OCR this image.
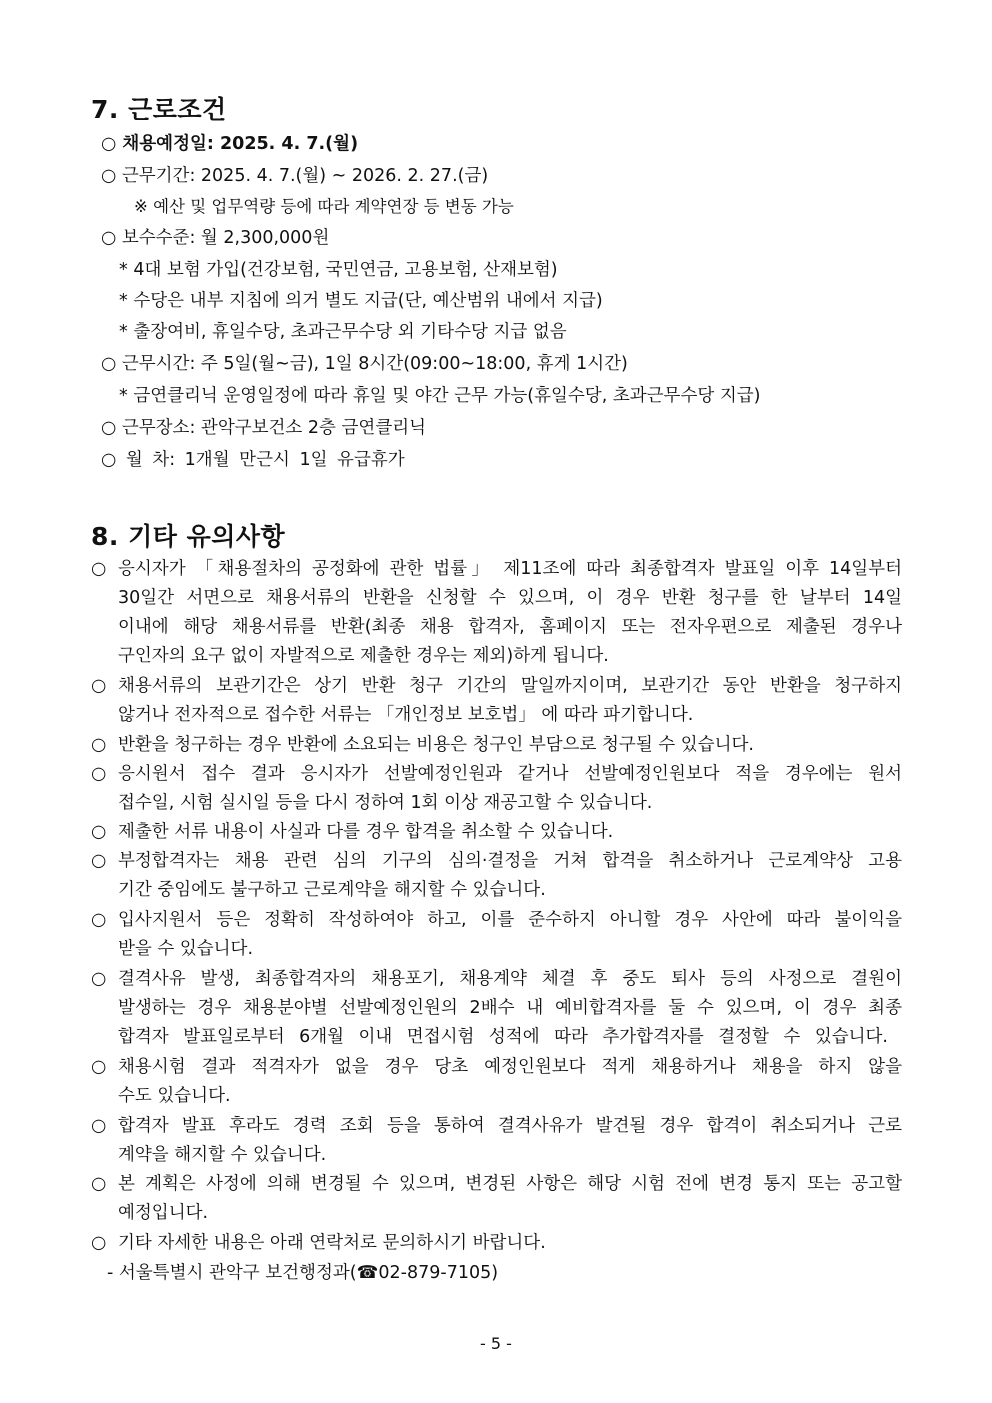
7. 근로조건
○ 채용예정일: 2025. 4. 7.(월)
○ 근무기간: 2025. 4. 7.(월) ~ 2026. 2. 27.(금)
※ 예산 및 업무역량 등에 따라 계약연장 등 변동 가능
○ 보수수준: 월 2,300,000원
* 4대 보험 가입(건강보험, 국민연금, 고용보험, 산재보험)
* 수당은 내부 지침에 의거 별도 지급(단, 예산범위 내에서 지급)
* 출장여비, 휴일수당, 초과근무수당 외 기타수당 지급 없음
○ 근무시간: 주 5일(월~금), 1일 8시간(09:00~18:00, 휴게 1시간)
* 금연클리닉 운영일정에 따라 휴일 및 야간 근무 가능(휴일수당, 초과근무수당 지급)
○ 근무장소: 관악구보건소 2층 금연클리닉
○ 월 차: 1개월 만근시 1일 유급휴가
8. 기타 유의사항
○
○
○
○
○
○
○
○
○
○
○
○
응시자가 「채용절차의 공정화에 관한 법률」 제11조에 따라 최종합격자 발표일 이후 14일부터
30일간 서면으로 채용서류의 반환을 신청할 수 있으며, 이 경우 반환 청구를 한 날부터 14일
이내에 해당 채용서류를 반환(최종 채용 합격자, 홈페이지 또는 전자우편으로 제출된 경우나
구인자의 요구 없이 자발적으로 제출한 경우는 제외)하게 됩니다.
채용서류의 보관기간은 상기 반환 청구 기간의 말일까지이며, 보관기간 동안 반환을 청구하지
않거나 전자적으로 접수한 서류는 「개인정보 보호법」 에 따라 파기합니다.
반환을 청구하는 경우 반환에 소요되는 비용은 청구인 부담으로 청구될 수 있습니다.
응시원서 접수 결과 응시자가 선발예정인원과 같거나 선발예정인원보다 적을 경우에는 원서
접수일, 시험 실시일 등을 다시 정하여 1회 이상 재공고할 수 있습니다.
제출한 서류 내용이 사실과 다를 경우 합격을 취소할 수 있습니다.
부정합격자는 채용 관련 심의 기구의 심의·결정을 거쳐 합격을 취소하거나 근로계약상 고용
기간 중임에도 불구하고 근로계약을 해지할 수 있습니다.
입사지원서 등은 정확히 작성하여야 하고, 이를 준수하지 아니할 경우 사안에 따라 불이익을
받을 수 있습니다.
결격사유 발생, 최종합격자의 채용포기, 채용계약 체결 후 중도 퇴사 등의 사정으로 결원이
발생하는 경우 채용분야별 선발예정인원의 2배수 내 예비합격자를 둘 수 있으며, 이 경우 최종
합격자 발표일로부터 6개월 이내 면접시험 성적에 따라 추가합격자를 결정할 수 있습니다.
채용시험 결과 적격자가 없을 경우 당초 예정인원보다 적게 채용하거나 채용을 하지 않을
수도 있습니다.
합격자 발표 후라도 경력 조회 등을 통하여 결격사유가 발견될 경우 합격이 취소되거나 근로
계약을 해지할 수 있습니다.
본 계획은 사정에 의해 변경될 수 있으며, 변경된 사항은 해당 시험 전에 변경 통지 또는 공고할
예정입니다.
기타 자세한 내용은 아래 연락처로 문의하시기 바랍니다.
- 서울특별시 관악구 보건행정과(☎02-879-7105)
- 5 -
